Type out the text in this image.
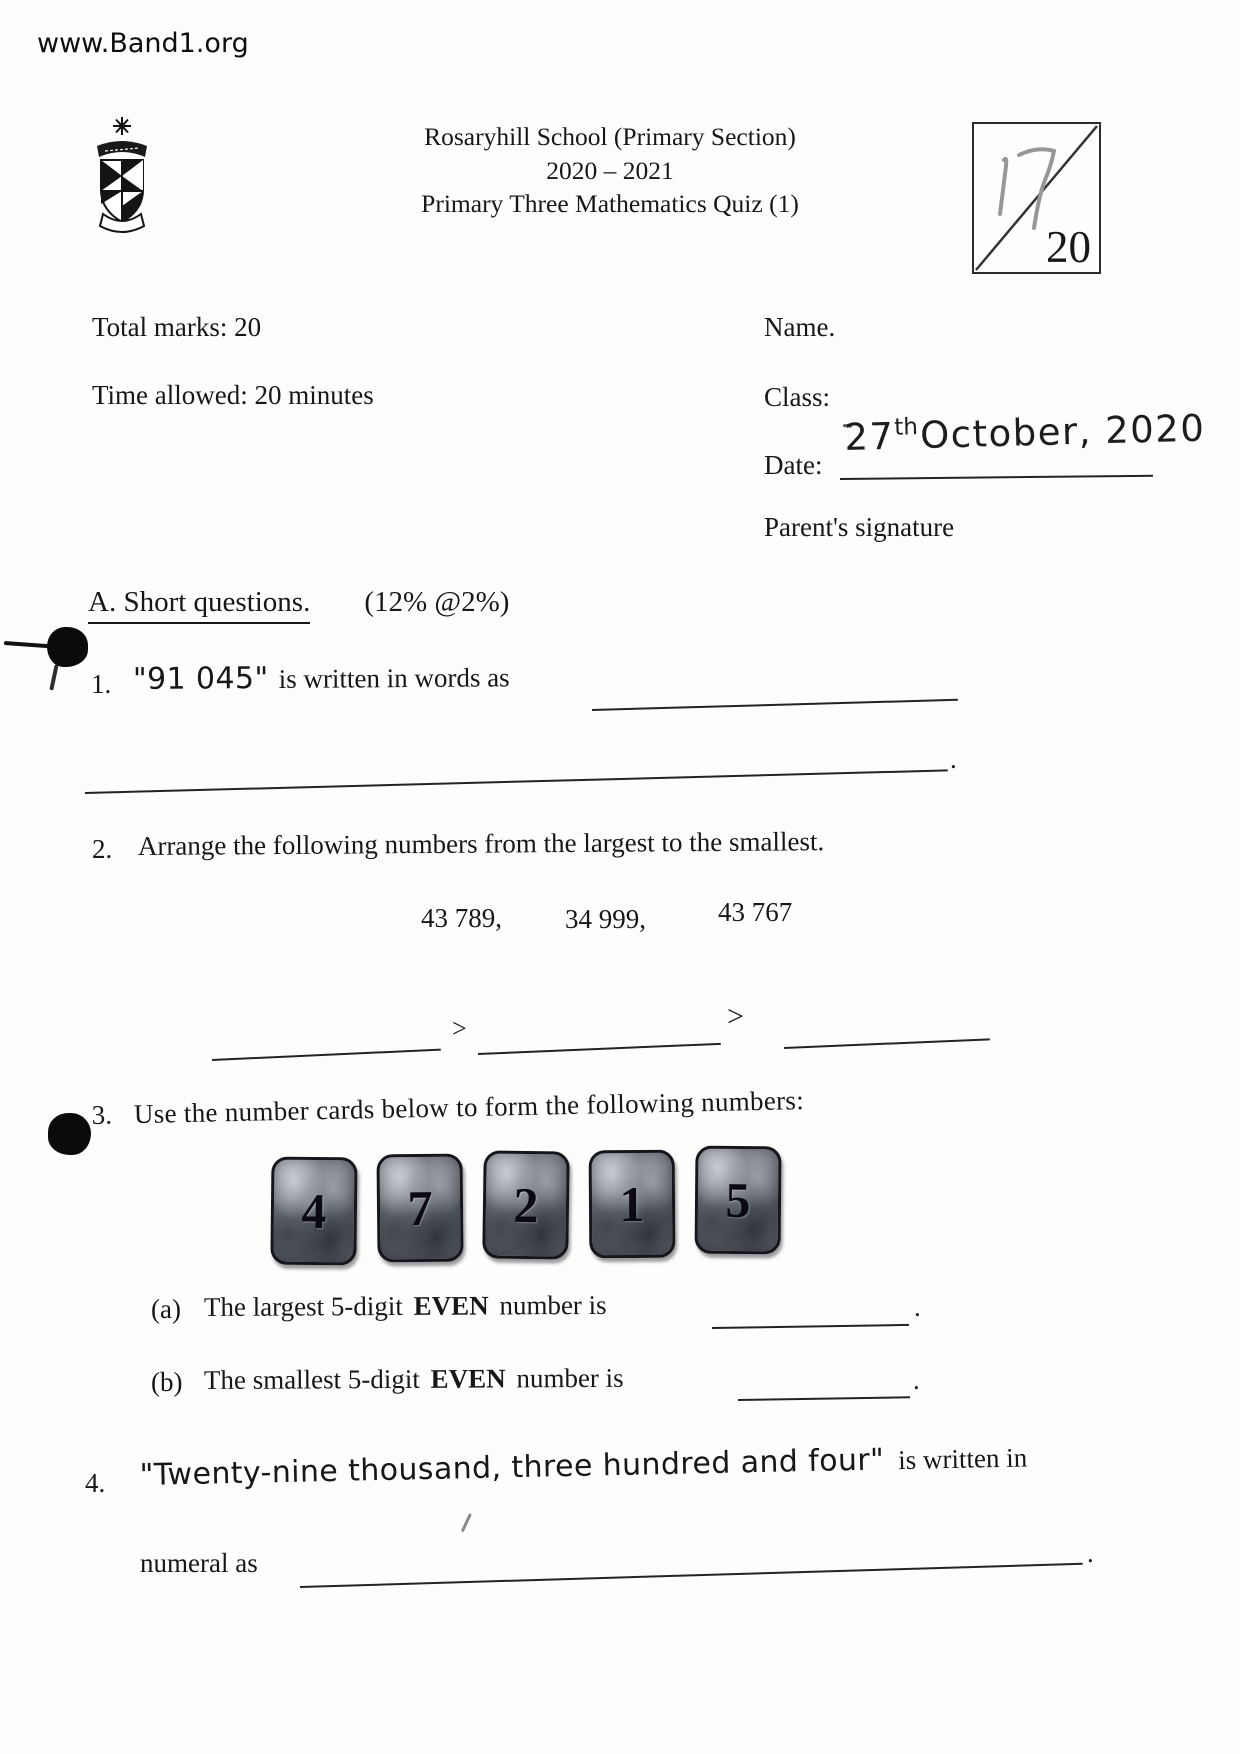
www.Band1.org
Rosaryhill School (Primary Section)
2020 – 2021
Primary Three Mathematics Quiz (1)
20
Total marks: 20
Time allowed: 20 minutes
Name.
Class:
Date:
27thOctober, 2020
Parent's signature
A. Short questions. (12% @2%)
1. "91 045" is written in words as
.
2. Arrange the following numbers from the largest to the smallest.
43 789, 34 999,	43 767
>	>
3. Use the number cards below to form the following numbers:
4 7 2 1 5
(a) The largest 5-digit EVEN number is	.
(b) The smallest 5-digit EVEN number is	.
4. "Twenty-nine thousand, three hundred and four" is written in
numeral as	.
